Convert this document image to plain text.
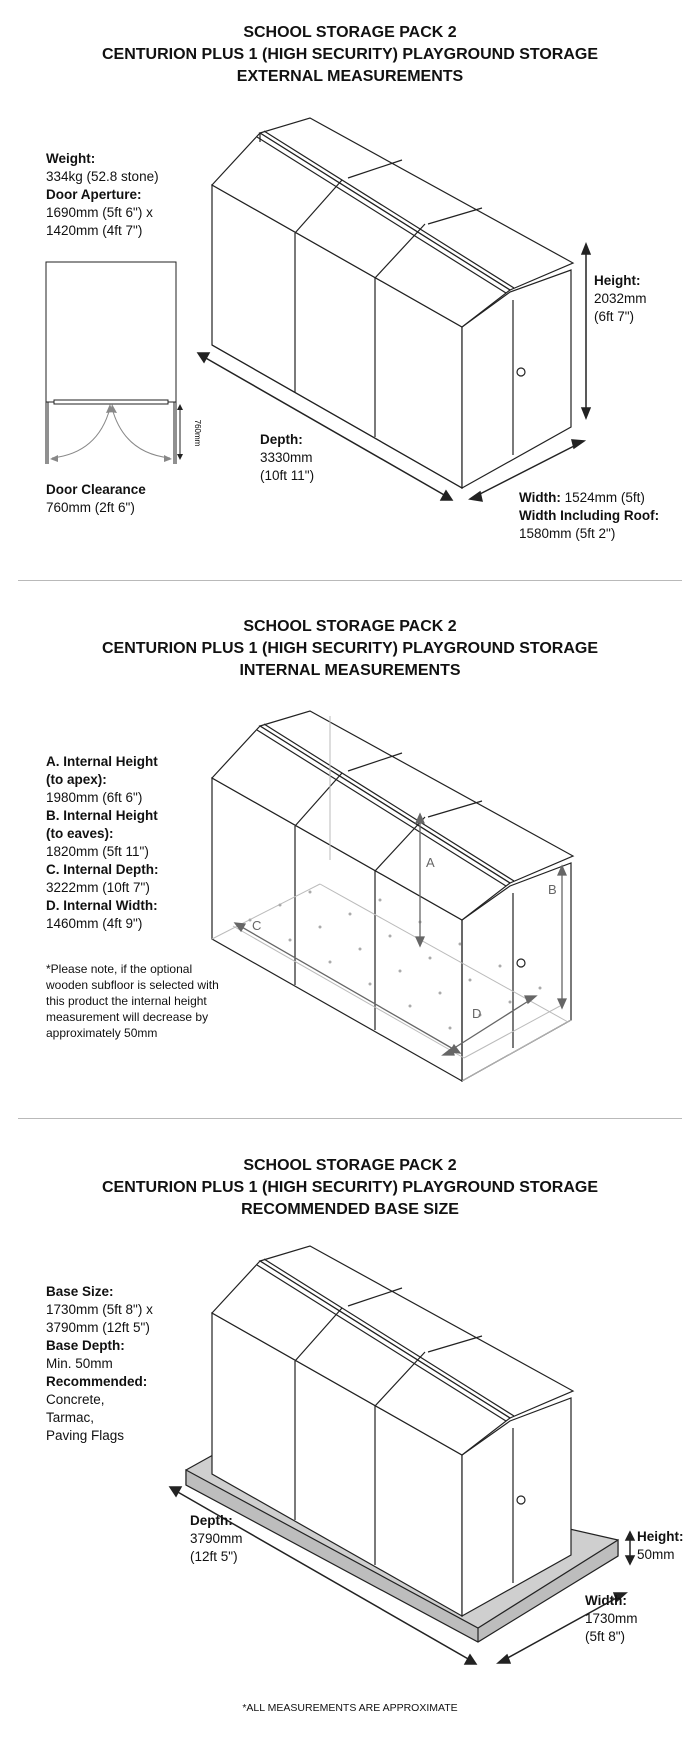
SCHOOL STORAGE PACK 2
CENTURION PLUS 1 (HIGH SECURITY) PLAYGROUND STORAGE
EXTERNAL MEASUREMENTS
Weight:
334kg (52.8 stone)
Door Aperture:
1690mm (5ft 6") x
1420mm (4ft 7")
760mm
Door Clearance
760mm (2ft 6")
Height:
2032mm
(6ft 7")
Depth:
3330mm
(10ft 11")
Width: 1524mm (5ft)
Width Including Roof:
1580mm (5ft 2")
SCHOOL STORAGE PACK 2
CENTURION PLUS 1 (HIGH SECURITY) PLAYGROUND STORAGE
INTERNAL MEASUREMENTS
A. Internal Height
(to apex):
1980mm (6ft 6")
B. Internal Height
(to eaves):
1820mm (5ft 11")
C. Internal Depth:
3222mm (10ft 7")
D. Internal Width:
1460mm (4ft 9")
*Please note, if the optional wooden subfloor is selected with this product the internal height measurement will decrease by approximately 50mm
A
B
C
D
SCHOOL STORAGE PACK 2
CENTURION PLUS 1 (HIGH SECURITY) PLAYGROUND STORAGE
RECOMMENDED BASE SIZE
Base Size:
1730mm (5ft 8") x
3790mm (12ft 5")
Base Depth:
Min. 50mm
Recommended:
Concrete,
Tarmac,
Paving Flags
Depth:
3790mm
(12ft 5")
Height:
50mm
Width:
1730mm
(5ft 8")
*ALL MEASUREMENTS ARE APPROXIMATE
